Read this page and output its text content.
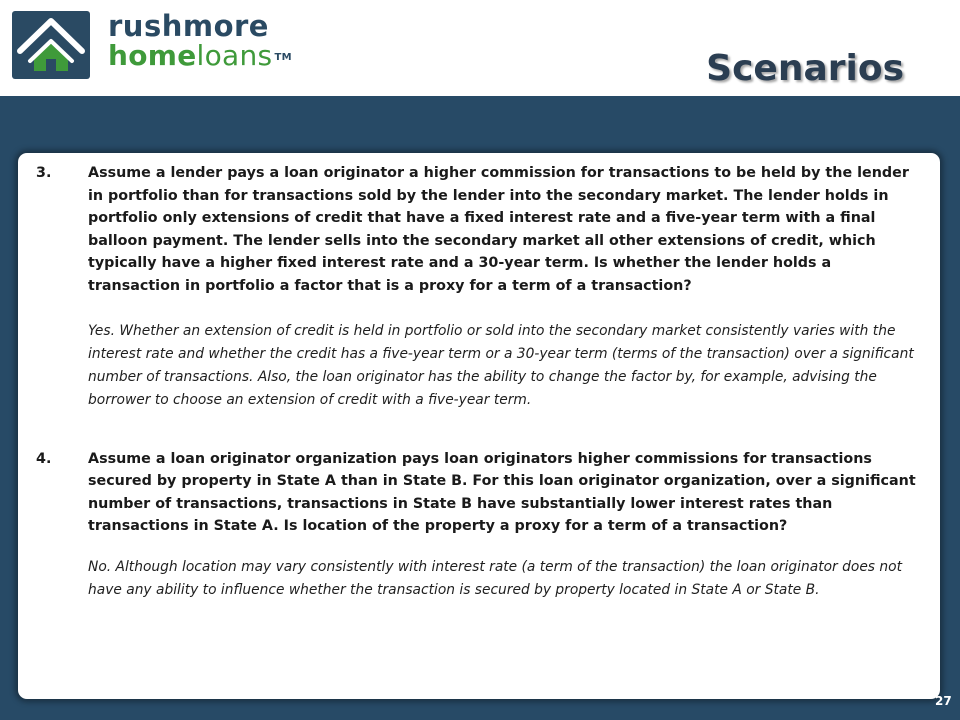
rushmore
homeloans ™	Scenarios
3.	Assume a lender pays a loan originator a higher commission for transactions to be held by the lender in portfolio than for transactions sold by the lender into the secondary market. The lender holds in portfolio only extensions of credit that have a fixed interest rate and a five-year term with a final balloon payment. The lender sells into the secondary market all other extensions of credit, which typically have a higher fixed interest rate and a 30-year term. Is whether the lender holds a transaction in portfolio a factor that is a proxy for a term of a transaction?
Yes. Whether an extension of credit is held in portfolio or sold into the secondary market consistently varies with the interest rate and whether the credit has a five-year term or a 30-year term (terms of the transaction) over a significant number of transactions. Also, the loan originator has the ability to change the factor by, for example, advising the borrower to choose an extension of credit with a five-year term.
4.	Assume a loan originator organization pays loan originators higher commissions for transactions secured by property in State A than in State B. For this loan originator organization, over a significant number of transactions, transactions in State B have substantially lower interest rates than transactions in State A. Is location of the property a proxy for a term of a transaction?
No. Although location may vary consistently with interest rate (a term of the transaction) the loan originator does not have any ability to influence whether the transaction is secured by property located in State A or State B.
27
